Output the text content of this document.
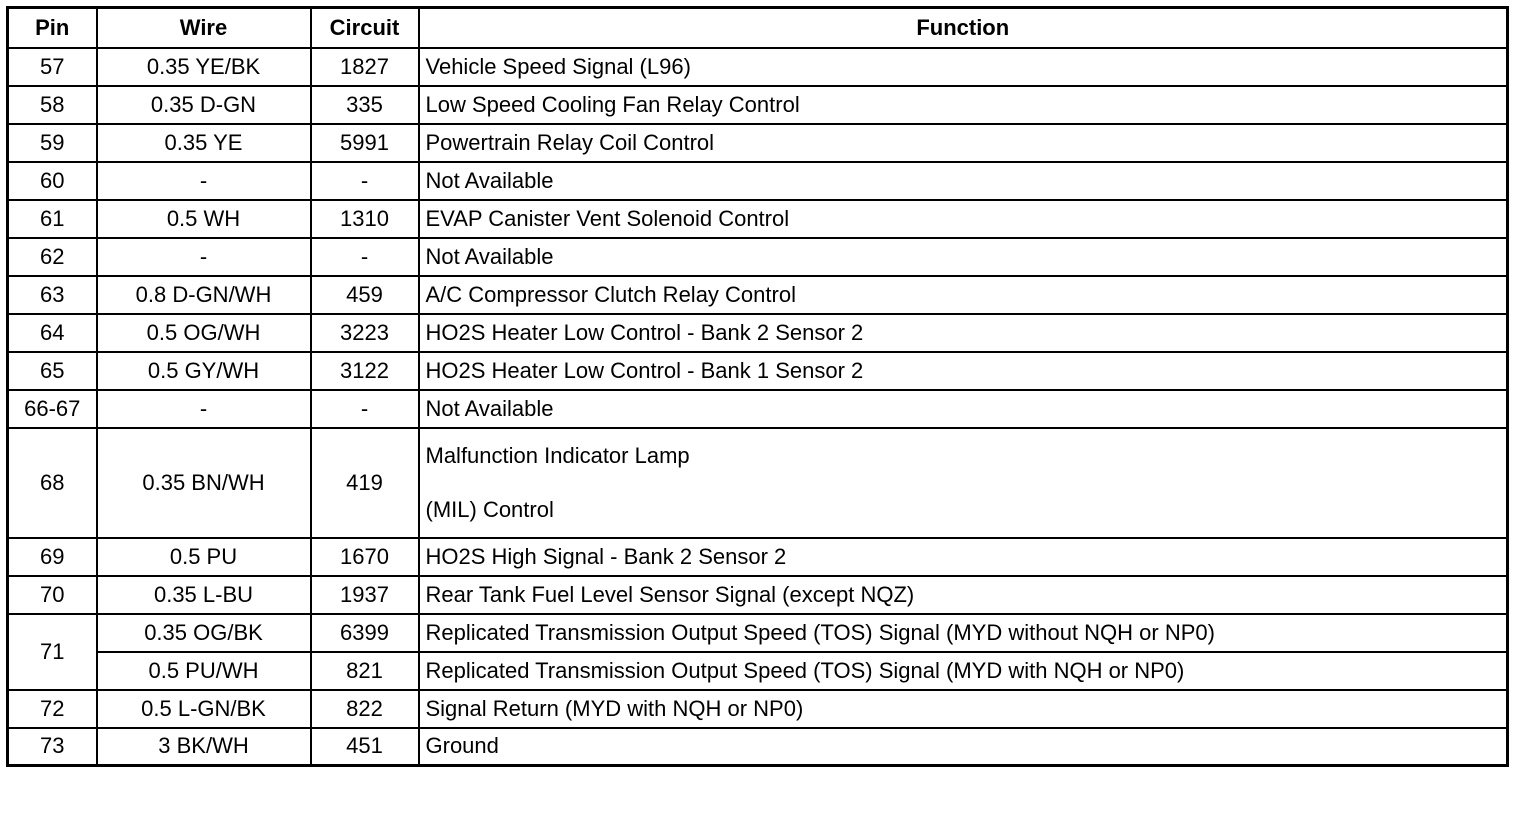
Pin	Wire	Circuit	Function
57	0.35 YE/BK	1827	Vehicle Speed Signal (L96)
58	0.35 D-GN	335	Low Speed Cooling Fan Relay Control
59	0.35 YE	5991	Powertrain Relay Coil Control
60	-	-	Not Available
61	0.5 WH	1310	EVAP Canister Vent Solenoid Control
62	-	-	Not Available
63	0.8 D-GN/WH	459	A/C Compressor Clutch Relay Control
64	0.5 OG/WH	3223	HO2S Heater Low Control - Bank 2 Sensor 2
65	0.5 GY/WH	3122	HO2S Heater Low Control - Bank 1 Sensor 2
66-67	-	-	Not Available
68	0.35 BN/WH	419	Malfunction Indicator Lamp
(MIL) Control

69	0.5 PU	1670	HO2S High Signal - Bank 2 Sensor 2
70	0.35 L-BU	1937	Rear Tank Fuel Level Sensor Signal (except NQZ)
71	0.35 OG/BK	6399	Replicated Transmission Output Speed (TOS) Signal (MYD without NQH or NP0)
	0.5 PU/WH	821	Replicated Transmission Output Speed (TOS) Signal (MYD with NQH or NP0)
72	0.5 L-GN/BK	822	Signal Return (MYD with NQH or NP0)
73	3 BK/WH	451	Ground
